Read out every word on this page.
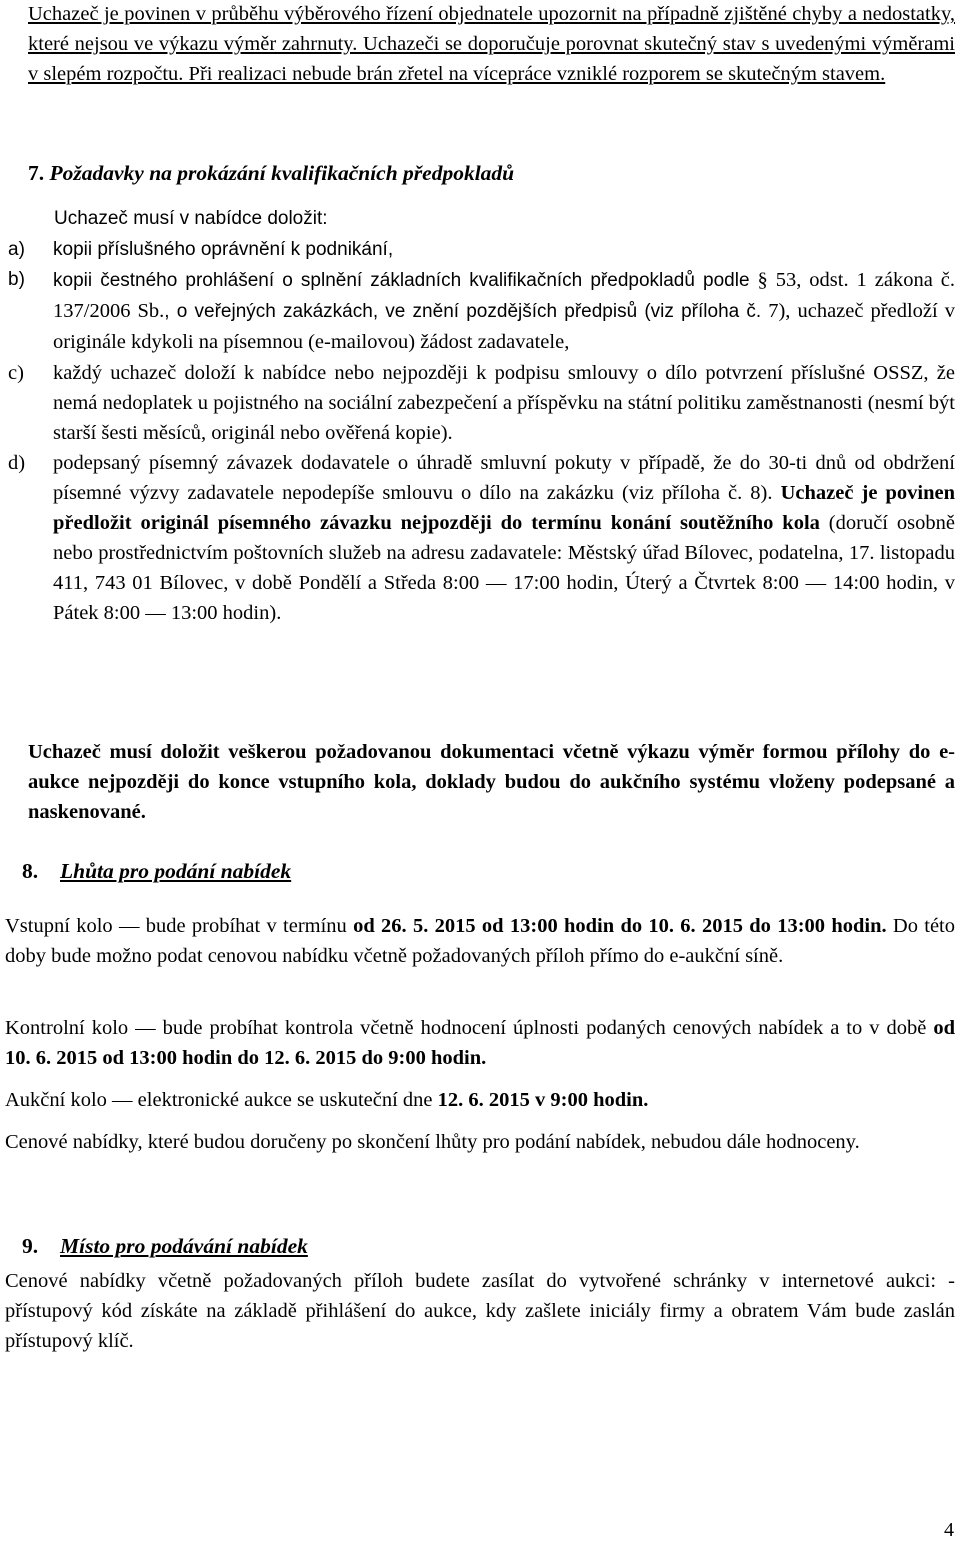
Uchazeč je povinen v průběhu výběrového řízení objednatele upozornit na případně zjištěné chyby a nedostatky, které nejsou ve výkazu výměr zahrnuty. Uchazeči se doporučuje porovnat skutečný stav s uvedenými výměrami v slepém rozpočtu. Při realizaci nebude brán zřetel na vícepráce vzniklé rozporem se skutečným stavem.

7. Požadavky na prokázání kvalifikačních předpokladů

Uchazeč musí v nabídce doložit:

a) kopii příslušného oprávnění k podnikání,
b) kopii čestného prohlášení o splnění základních kvalifikačních předpokladů podle § 53, odst. 1 zákona č. 137/2006 Sb., o veřejných zakázkách, ve znění pozdějších předpisů (viz příloha č. 7), uchazeč předloží v originále kdykoli na písemnou (e-mailovou) žádost zadavatele,
c) každý uchazeč doloží k nabídce nebo nejpozději k podpisu smlouvy o dílo potvrzení příslušné OSSZ, že nemá nedoplatek u pojistného na sociální zabezpečení a příspěvku na státní politiku zaměstnanosti (nesmí být starší šesti měsíců, originál nebo ověřená kopie).
d) podepsaný písemný závazek dodavatele o úhradě smluvní pokuty v případě, že do 30-ti dnů od obdržení písemné výzvy zadavatele nepodepíše smlouvu o dílo na zakázku (viz příloha č. 8). Uchazeč je povinen předložit originál písemného závazku nejpozději do termínu konání soutěžního kola (doručí osobně nebo prostřednictvím poštovních služeb na adresu zadavatele: Městský úřad Bílovec, podatelna, 17. listopadu 411, 743 01 Bílovec, v době Pondělí a Středa 8:00 — 17:00 hodin, Úterý a Čtvrtek 8:00 — 14:00 hodin, v Pátek 8:00 — 13:00 hodin).

Uchazeč musí doložit veškerou požadovanou dokumentaci včetně výkazu výměr formou přílohy do e-aukce nejpozději do konce vstupního kola, doklady budou do aukčního systému vloženy podepsané a naskenované.

8. Lhůta pro podání nabídek

Vstupní kolo — bude probíhat v termínu od 26. 5. 2015 od 13:00 hodin do 10. 6. 2015 do 13:00 hodin. Do této doby bude možno podat cenovou nabídku včetně požadovaných příloh přímo do e-aukční síně.

Kontrolní kolo — bude probíhat kontrola včetně hodnocení úplnosti podaných cenových nabídek a to v době od 10. 6. 2015 od 13:00 hodin do 12. 6. 2015 do 9:00 hodin.

Aukční kolo — elektronické aukce se uskuteční dne 12. 6. 2015 v 9:00 hodin.

Cenové nabídky, které budou doručeny po skončení lhůty pro podání nabídek, nebudou dále hodnoceny.

9. Místo pro podávání nabídek

Cenové nabídky včetně požadovaných příloh budete zasílat do vytvořené schránky v internetové aukci: - přístupový kód získáte na základě přihlášení do aukce, kdy zašlete iniciály firmy a obratem Vám bude zaslán přístupový klíč.

4
